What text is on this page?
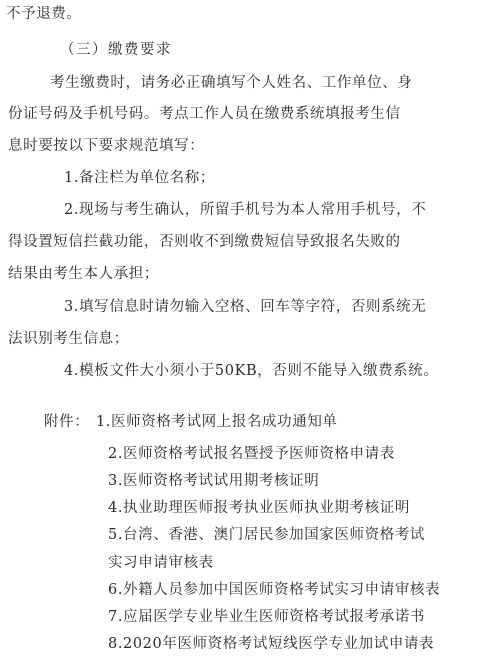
不予退费。
（三）缴费要求
考生缴费时，请务必正确填写个人姓名、工作单位、身
份证号码及手机号码。考点工作人员在缴费系统填报考生信
息时要按以下要求规范填写：
1.备注栏为单位名称；
2.现场与考生确认，所留手机号为本人常用手机号，不
得设置短信拦截功能，否则收不到缴费短信导致报名失败的
结果由考生本人承担；
3.填写信息时请勿输入空格、回车等字符，否则系统无
法识别考生信息；
4.模板文件大小须小于50KB，否则不能导入缴费系统。
附件： 1.医师资格考试网上报名成功通知单
2.医师资格考试报名暨授予医师资格申请表
3.医师资格考试试用期考核证明
4.执业助理医师报考执业医师执业期考核证明
5.台湾、香港、澳门居民参加国家医师资格考试
实习申请审核表
6.外籍人员参加中国医师资格考试实习申请审核表
7.应届医学专业毕业生医师资格考试报考承诺书
8.2020年医师资格考试短线医学专业加试申请表
